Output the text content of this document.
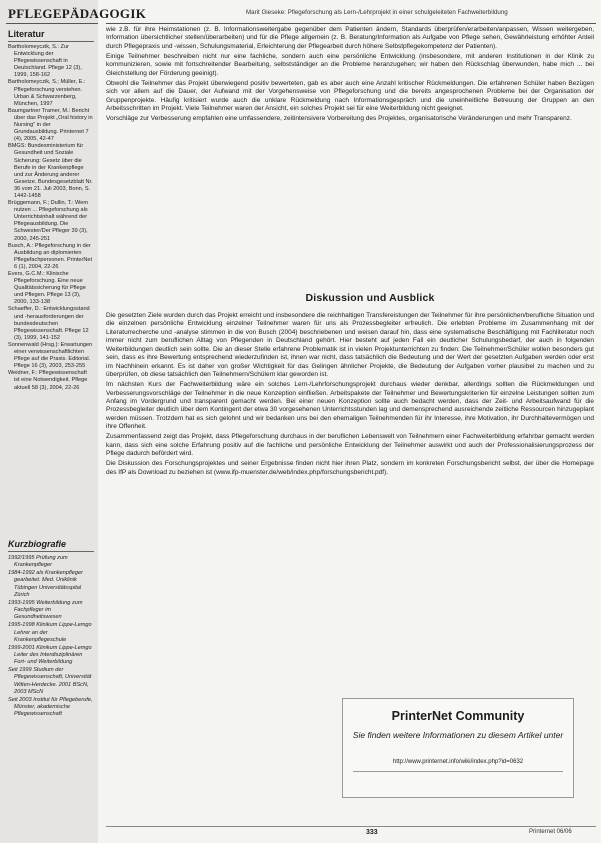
PFLEGEPÄDAGOGIK	Marit Gieseke: Pflegeforschung als Lern-/Lehrprojekt in einer schulgeleiteten Fachweiterbildung
Literatur

Bartholomeyczik, S.: Zur Entwicklung der Pflegewissenschaft in Deutschland. Pflege 12 (3), 1999, 158-162

Bartholomeyczik, S.; Müller, E.: Pflegeforschung verstehen. Urban & Schwarzenberg, München, 1997

Baumgartner Tramer, M.: Bericht über das Projekt „Oral history in Nursing“ in der Grundausbildung. Printernet 7 (4), 2005, 42-47

BMGS: Bundesministerium für Gesundheit und Soziale Sicherung: Gesetz über die Berufe in der Krankenpflege und zur Änderung anderer Gesetze. Bundesgesetzblatt Nr. 36 vom 21. Juli 2003, Bonn, S. 1442-1458

Brüggemann, F.; Dullin, T.: Wem nutzen ... Pflegeforschung als Unterrichtsinhalt während der Pflegeausbildung. Die Schwester/Der Pfleger 39 (3), 2000, 245-251

Busch, A.: Pflegeforschung in der Ausbildung an diplomierten Pflegefachpersonen. PrinterNet 6 (1), 2004, 22-26

Evers, G.C.M.: Klinische Pflegeforschung. Eine neue Qualitätssicherung für Pflege und Pflegen. Pflege 13 (3), 2000, 133-138

Schaeffer, D.: Entwicklungsstand und -herausforderungen der bundesdeutschen Pflegewissenschaft. Pflege 12 (3), 1999, 141-152

Sonnenwald (Hrsg.): Erwartungen einer verwissenschaftlichten Pflege auf die Praxis. Editorial. Pflege 16 (3), 2003, 253-255

Weidner, F.: Pflegewissenschaft ist eine Notwendigkeit. Pflege aktuell 58 (3), 2004, 22-26

Kurzbiografie

1992/1995 Prüfung zum Krankenpfleger

1984-1992 als Krankenpfleger gearbeitet. Med. Uniklinik Tübingen Universitätsspital Zürich

1993-1995 Weiterbildung zum Fachpfleger im Gesundheitswesen

1995-1998 Klinikum Lippe-Lemgo Lehrer an der Krankenpflegeschule

1999-2001 Klinikum Lippe-Lemgo Leiter des Interdisziplinären Fort- und Weiterbildung

Seit 1999 Studium der Pflegewissenschaft, Universität Witten-Herdecke. 2001 BScN, 2003 MScN

Seit 2003 Institut für Pflegeberufe, Münster, akademische Pflegewissenschaft

wie z.B. für ihre Heimstationen (z. B. Informationsweitergabe gegenüber dem Patienten ändern, Standards überprüfen/erarbeiten/anpassen, Wissen weitergeben, Information übersichtlicher stellen/überarbeiten) und für die Pflege allgemein (z. B. Beratung/Information als Aufgabe von Pflege sehen, Gewährleistung erhöhter Anteil durch Pflegepraxis und -wissen, Schulungsmaterial, Erleichterung der Pflegearbeit durch höhere Selbstpflegekompetenz der Patienten).

Einige Teilnehmer beschreiben nicht nur eine fachliche, sondern auch eine persönliche Entwicklung (insbesondere, mit anderen Institutionen in der Klinik zu kommunizieren, sowie mit fortschreitender Bearbeitung, selbstständiger an die Probleme heranzugehen; wir haben den Rückschlag überwunden, habe mich ... bei Gleichstellung der Förderung geeinigt).

Obwohl die Teilnehmer das Projekt überwiegend positiv bewerteten, gab es aber auch eine Anzahl kritischer Rückmeldungen. Die erfahrenen Schüler haben Bezügen sich vor allem auf die Dauer, der Aufwand mit der Vorgehensweise von Pflegeforschung und die bereits angesprochenen Probleme bei der Organisation der Gruppenprojekte. Häufig kritisiert wurde auch die unklare Rückmeldung nach Informationsgespräch und die uneinheitliche Betreuung der Gruppen an den Arbeitsschritten im Projekt. Viele Teilnehmer waren der Ansicht, ein solches Projekt sei für eine Weiterbildung nicht geeignet.

Vorschläge zur Verbesserung empfahlen eine umfassendere, zeitintensivere Vorbereitung des Projektes, organisatorische Veränderungen und mehr Transparenz.

Diskussion und Ausblick

Die gesetzten Ziele wurden durch das Projekt erreicht und insbesondere die reichhaltigen Transfereistungen der Teilnehmer für ihre persönlichen/berufliche Situation und die einzelnen persönliche Entwicklung einzelner Teilnehmer waren für uns als Prozessbegleiter erfreulich. Die erlebten Probleme im Zusammenhang mit der Literaturrecherche und -analyse stimmen in die von Busch (2004) beschriebenen und weisen darauf hin, dass eine systematische Beschäftigung mit Fachliteratur noch immer nicht zum beruflichen Alltag von Pflegenden in Deutschland gehört. Hier besteht auf jeden Fall ein deutlicher Schulungsbedarf, der auch in folgenden Weiterbildungen deutlich sein sollte. Die an dieser Stelle erfahrene Problematik ist in vielen Projektunterrichten zu finden: Die Teilnehmer/Schüler wollen besonders gut sein, dass es ihre Bewertung entsprechend wiederzufinden ist, ihnen war nicht, dass tatsächlich die Bedeutung und der Wert der gesetzten Aufgaben werden oder erst im Nachhinein erkannt. Es ist daher von großer Wichtigkeit für das Gelingen ähnlicher Projekte, die Bedeutung der Aufgaben vorher plausibel zu machen und zu überprüfen, ob diese tatsächlich den Teilnehmern/Schülern klar geworden ist.

Im nächsten Kurs der Fachweiterbildung wäre ein solches Lern-/Lehrforschungsprojekt durchaus wieder denkbar, allerdings sollten die Rückmeldungen und Verbesserungsvorschläge der Teilnehmer in die neue Konzeption einfließen. Arbeitspakete der Teilnehmer und Bewertungskriterien für einzelne Leistungen sollten zum Anfang im Vordergrund und transparent gemacht werden. Bei einer neuen Konzeption sollte auch bedacht werden, dass der Zeit- und Arbeitsaufwand für die Prozessbegleiter deutlich über dem Kontingent der etwa 30 vorgesehenen Unterrichtsstunden lag und demensprechend ausreichende zeitliche Ressourcen hinzugeplant werden müssen. Trotzdem hat es sich gelohnt und wir bedanken uns bei den ehemaligen Teilnehmenden für ihr Interesse, ihre Motivation, ihr Durchhaltevermögen und ihre Offenheit.

Zusammenfassend zeigt das Projekt, dass Pflegeforschung durchaus in der beruflichen Lebenswelt von Teilnehmern einer Fachweiterbildung erfahrbar gemacht werden kann, dass sich eine solche Erfahrung positiv auf die fachliche und persönliche Entwicklung der Teilnehmer auswirkt und auch der Professionalisierungsprozess der Pflege dadurch befördert wird.

Die Diskussion des Forschungsprojektes und seiner Ergebnisse finden nicht hier ihren Platz, sondern im konkreten Forschungsbericht selbst, der über die Homepage des IfP als Download zu beziehen ist (www.ifp-muenster.de/web/index.php/forschungsbericht.pdf).

PrinterNet Community
Sie finden weitere Informationen zu diesem Artikel unter
http://www.printernet.info/wiki/index.php?id=0632
333	Printernet 06/06
